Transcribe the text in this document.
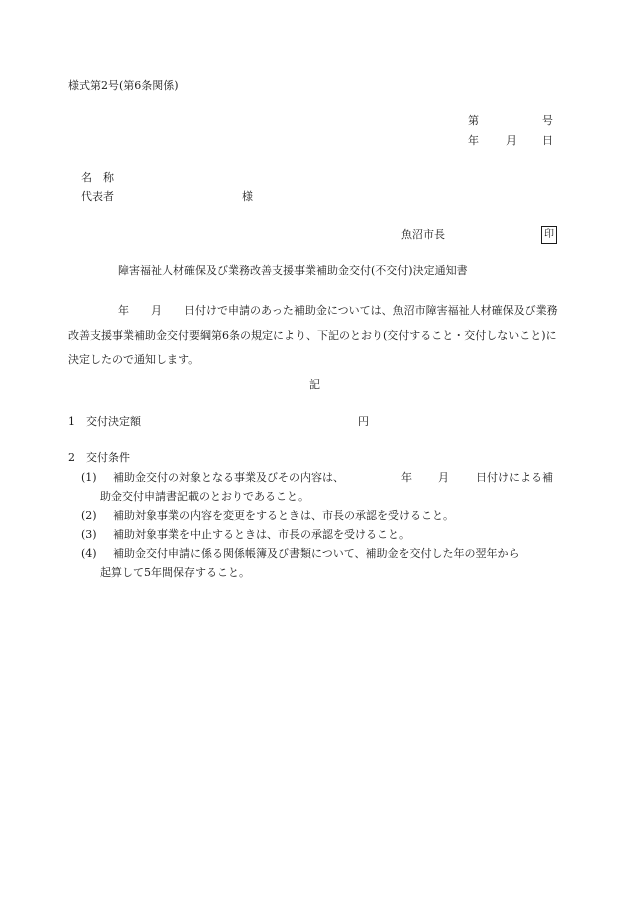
様式第2号(第6条関係)
第	号
年 月 日
名　称
代表者	様
魚沼市長	印
障害福祉人材確保及び業務改善支援事業補助金交付(不交付)決定通知書
年 月 日付けで申請のあった補助金については、魚沼市障害福祉人材確保及び業務改善支援事業補助金交付要綱第6条の規定により、下記のとおり(交付すること・交付しないこと)に決定したので通知します。
記
1　交付決定額	円
2　交付条件
(1) 補助金交付の対象となる事業及びその内容は、	年 月 日付けによる補
助金交付申請書記載のとおりであること。
(2) 補助対象事業の内容を変更をするときは、市長の承認を受けること。
(3) 補助対象事業を中止するときは、市長の承認を受けること。
(4) 補助金交付申請に係る関係帳簿及び書類について、補助金を交付した年の翌年から
起算して5年間保存すること。
